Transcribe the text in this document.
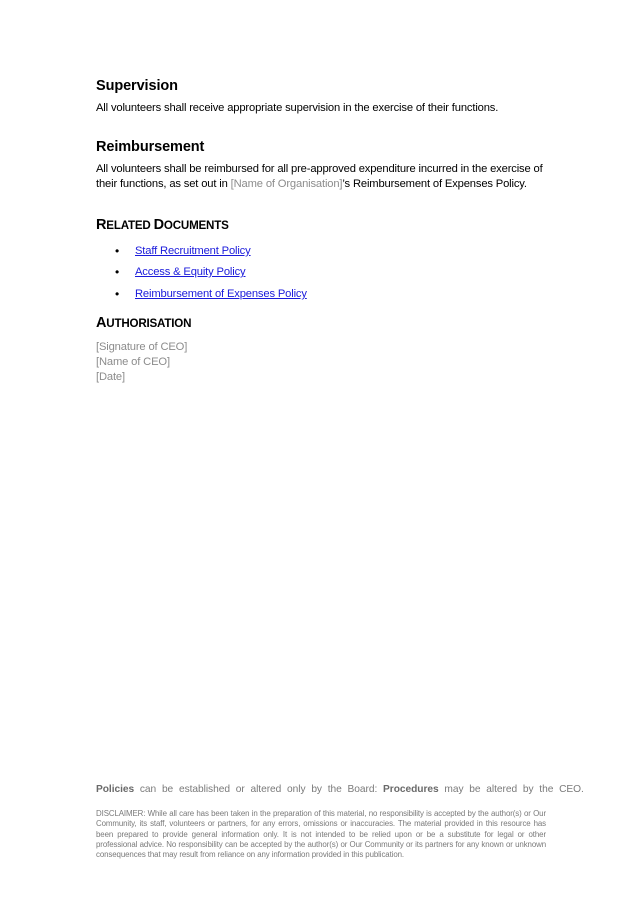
Supervision
All volunteers shall receive appropriate supervision in the exercise of their functions.
Reimbursement
All volunteers shall be reimbursed for all pre-approved expenditure incurred in the exercise of
their functions, as set out in [Name of Organisation]’s Reimbursement of Expenses Policy.
RELATED DOCUMENTS
• Staff Recruitment Policy
• Access & Equity Policy
• Reimbursement of Expenses Policy
AUTHORISATION
[Signature of CEO]
[Name of CEO]
[Date]
Policies can be established or altered only by the Board: Procedures may be altered by the CEO.
DISCLAIMER: While all care has been taken in the preparation of this material, no responsibility is accepted by the author(s) or Our Community, its staff, volunteers or partners, for any errors, omissions or inaccuracies. The material provided in this resource has been prepared to provide general information only. It is not intended to be relied upon or be a substitute for legal or other professional advice. No responsibility can be accepted by the author(s) or Our Community or its partners for any known or unknown consequences that may result from reliance on any information provided in this publication.
